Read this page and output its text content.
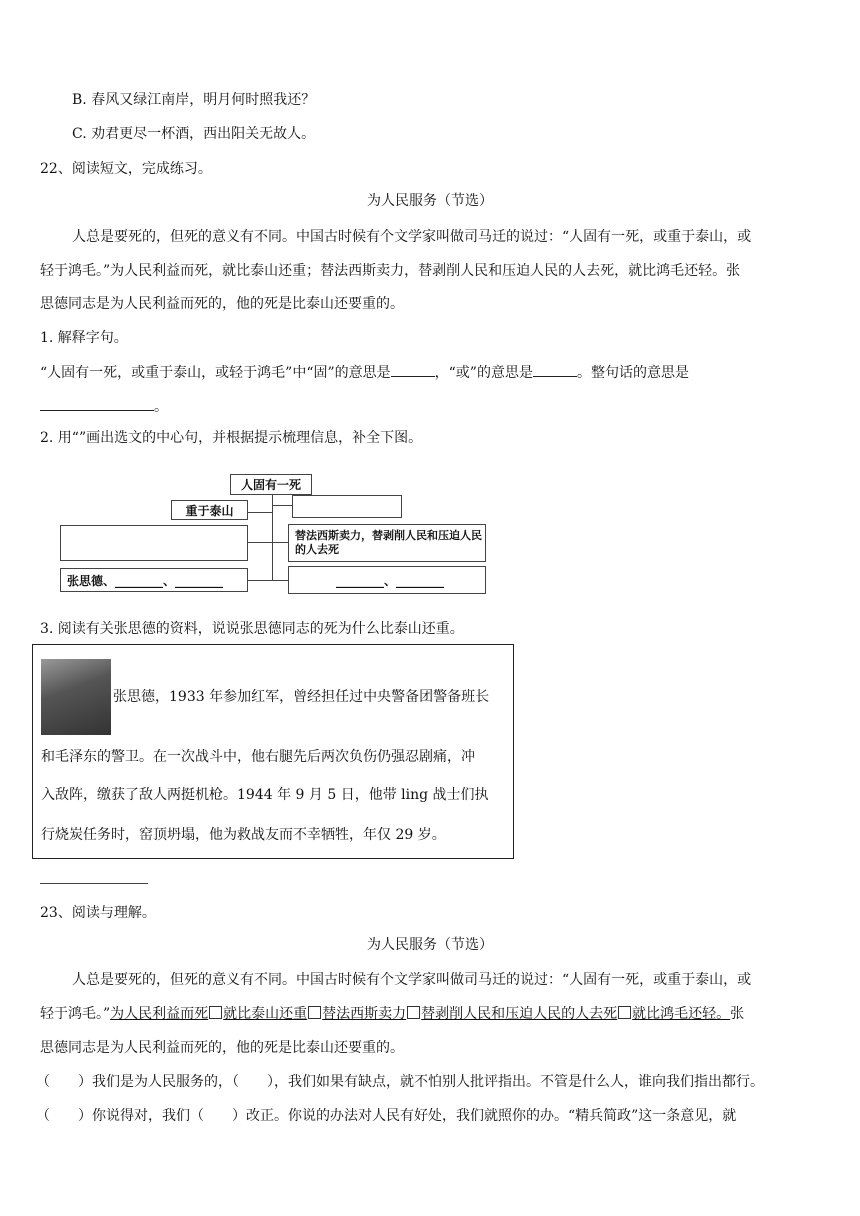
B. 春风又绿江南岸，明月何时照我还？
C. 劝君更尽一杯酒，西出阳关无故人。
22、阅读短文，完成练习。
为人民服务（节选）
人总是要死的，但死的意义有不同。中国古时候有个文学家叫做司马迁的说过：“人固有一死，或重于泰山，或
轻于鸿毛。”为人民利益而死，就比泰山还重；替法西斯卖力，替剥削人民和压迫人民的人去死，就比鸿毛还轻。张
思德同志是为人民利益而死的，他的死是比泰山还要重的。
1. 解释字句。
“人固有一死，或重于泰山，或轻于鸿毛”中“固”的意思是	，“或”的意思是	。整句话的意思是
。
2. 用“”画出选文的中心句，并根据提示梳理信息，补全下图。
人固有一死
重于泰山
替法西斯卖力，替剥削人民和压迫人民的人去死
张思德、________、________	________、________
3. 阅读有关张思德的资料，说说张思德同志的死为什么比泰山还重。
张思德，1933 年参加红军，曾经担任过中央警备团警备班长
和毛泽东的警卫。在一次战斗中，他右腿先后两次负伤仍强忍剧痛，冲
入敌阵，缴获了敌人两挺机枪。1944 年 9 月 5 日，他带 ling 战士们执
行烧炭任务时，窑顶坍塌，他为救战友而不幸牺牲，年仅 29 岁。
23、阅读与理解。
为人民服务（节选）
人总是要死的，但死的意义有不同。中国古时候有个文学家叫做司马迁的说过：“人固有一死，或重于泰山，或
轻于鸿毛。”为人民利益而死 就比泰山还重 替法西斯卖力 替剥削人民和压迫人民的人去死 就比鸿毛还轻。张
思德同志是为人民利益而死的，他的死是比泰山还要重的。
（　　）我们是为人民服务的，（　　），我们如果有缺点，就不怕别人批评指出。不管是什么人，谁向我们指出都行。
（　　）你说得对，我们（　　）改正。你说的办法对人民有好处，我们就照你的办。“精兵简政”这一条意见，就
